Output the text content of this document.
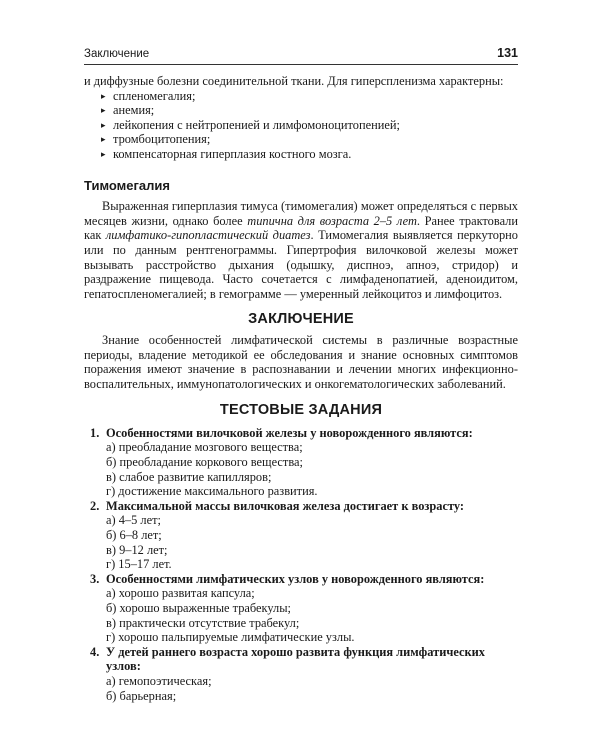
Заключение	131

и диффузные болезни соединительной ткани. Для гиперспленизма характерны:

▸ спленомегалия;
▸ анемия;
▸ лейкопения с нейтропенией и лимфомоноцитопенией;
▸ тромбоцитопения;
▸ компенсаторная гиперплазия костного мозга.
Тимомегалия

Выраженная гиперплазия тимуса (тимомегалия) может определяться с первых месяцев жизни, однако более типична для возраста 2–5 лет. Ранее трактовали как лимфатико-гипопластический диатез. Тимомегалия выявляется перкуторно или по данным рентгенограммы. Гипертрофия вилочковой железы может вызывать расстройство дыхания (одышку, диспноэ, апноэ, стридор) и раздражение пищевода. Часто сочетается с лимфаденопатией, аденоидитом, гепатоспленомегалией; в гемограмме — умеренный лейкоцитоз и лимфоцитоз.

ЗАКЛЮЧЕНИЕ

Знание особенностей лимфатической системы в различные возрастные периоды, владение методикой ее обследования и знание основных симптомов поражения имеют значение в распознавании и лечении многих инфекционно-воспалительных, иммунопатологических и онкогематологических заболеваний.

ТЕСТОВЫЕ ЗАДАНИЯ
1. Особенностями вилочковой железы у новорожденного являются:
а) преобладание мозгового вещества;
б) преобладание коркового вещества;
в) слабое развитие капилляров;
г) достижение максимального развития.
2. Максимальной массы вилочковая железа достигает к возрасту:
а) 4–5 лет;
б) 6–8 лет;
в) 9–12 лет;
г) 15–17 лет.
3. Особенностями лимфатических узлов у новорожденного являются:
а) хорошо развитая капсула;
б) хорошо выраженные трабекулы;
в) практически отсутствие трабекул;
г) хорошо пальпируемые лимфатические узлы.
4. У детей раннего возраста хорошо развита функция лимфатических узлов:
а) гемопоэтическая;
б) барьерная;
